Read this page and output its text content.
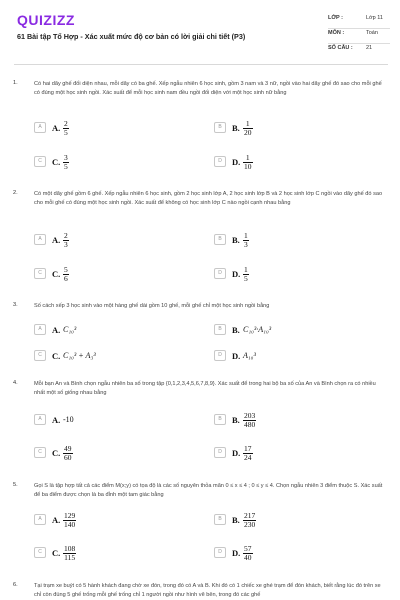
QUIZIZZ
61 Bài tập Tổ Hợp - Xác xuất mức độ cơ bản có lời giải chi tiết (P3)
LỚP :	Lớp 11
MÔN :	Toán
SỐ CÂU : 21
1.	Có hai dãy ghế đối diện nhau, mỗi dãy có ba ghế. Xếp ngẫu nhiên 6 học sinh, gồm 3 nam và 3 nữ, ngồi vào hai dãy ghế đó sao cho mỗi ghế có đúng một học sinh ngồi. Xác suất để mỗi học sinh nam đều ngồi đối diện với một học sinh nữ bằng
A	A. $\frac{2}{5}$	B	B. $\frac{1}{20}$
C	C. $\frac{3}{5}$	D	D. $\frac{1}{10}$
2.	Có một dãy ghế gồm 6 ghế. Xếp ngẫu nhiên 6 học sinh, gồm 2 học sinh lớp A, 2 học sinh lớp B và 2 học sinh lớp C ngồi vào dãy ghế đó sao cho mỗi ghế có đúng một học sinh ngồi. Xác suất để không có học sinh lớp C nào ngồi cạnh nhau bằng
A	A. $\frac{2}{3}$	B	B. $\frac{1}{3}$
C	C. $\frac{5}{6}$	D	D. $\frac{1}{5}$
3.	Số cách xếp 3 học sinh vào một hàng ghế dài gồm 10 ghế, mỗi ghế chỉ một học sinh ngồi bằng
A	A. C₁₀³	B	B. C₁₀³·A₁₀³
C	C. C₁₀³ + A₃³	D	D. A₁₀³
4.	Mỗi bạn An và Bình chọn ngẫu nhiên ba số trong tập {0,1,2,3,4,5,6,7,8,9}. Xác suất để trong hai bộ ba số của An và Bình chọn ra có nhiều nhất một số giống nhau bằng
A	A. -10	B	B. $\frac{203}{480}$
C	C. $\frac{49}{60}$	D	D. $\frac{17}{24}$
5.	Gọi S là tập hợp tất cả các điểm M(x;y) có tọa độ là các số nguyên thỏa mãn 0 ≤ x ≤ 4 ; 0 ≤ y ≤ 4. Chọn ngẫu nhiên 3 điểm thuộc S. Xác suất để ba điểm được chọn là ba đỉnh một tam giác bằng
A	A. $\frac{129}{140}$	B	B. $\frac{217}{230}$
C	C. $\frac{108}{115}$	D	D. $\frac{57}{40}$
6.	Tại trạm xe buýt có 5 hành khách đang chờ xe đón, trong đó có A và B. Khi đó có 1 chiếc xe ghé trạm để đón khách, biết rằng lúc đó trên xe chỉ còn đúng 5 ghế trống mỗi ghế trống chỉ 1 người ngồi như hình vẽ bên, trong đó các ghế
